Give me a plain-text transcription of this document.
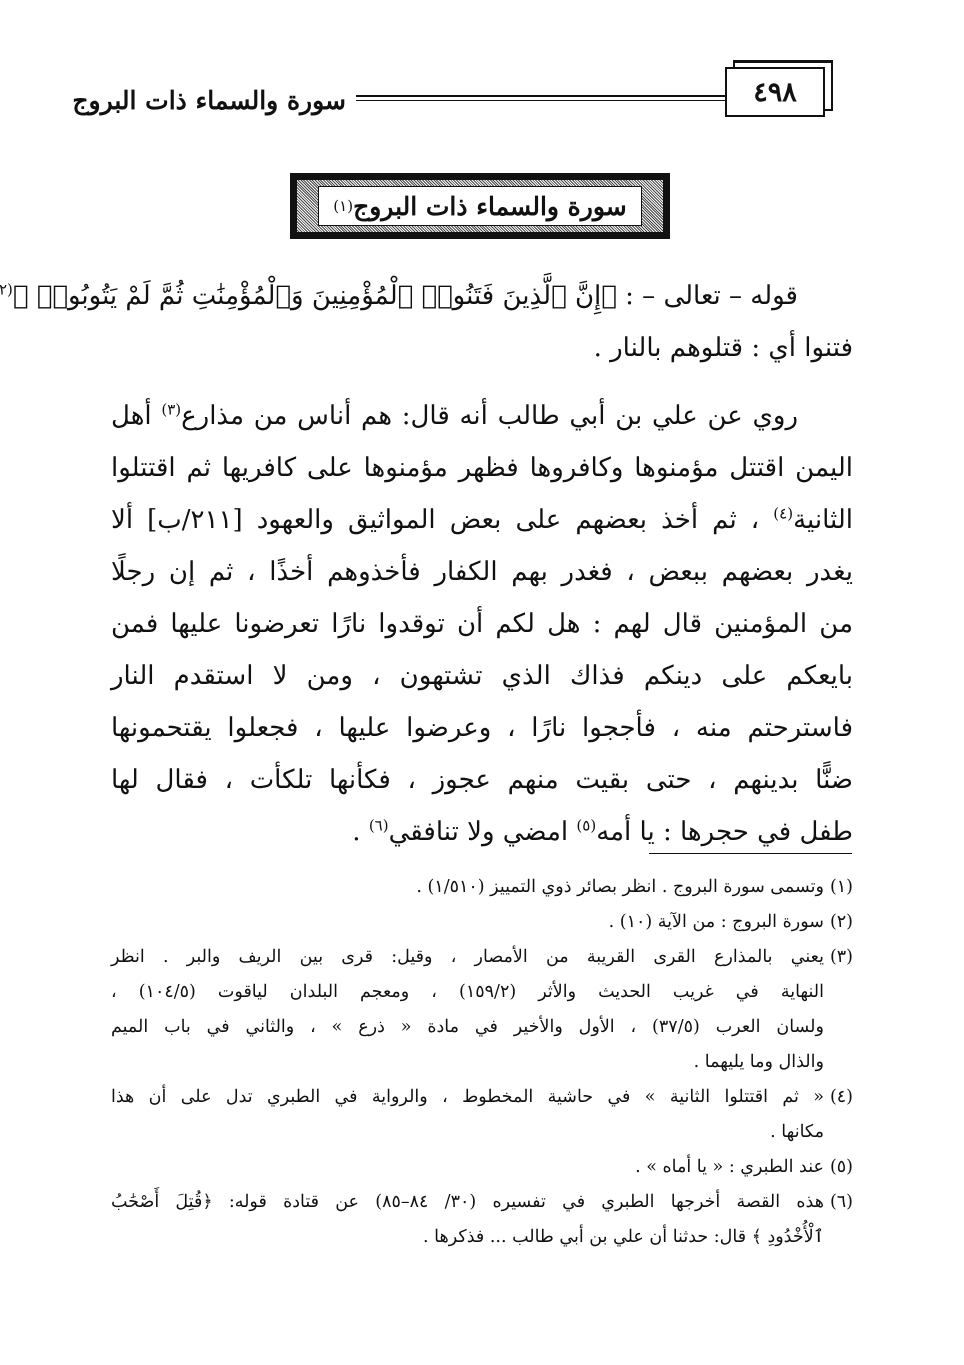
سورة والسماء ذات البروج	٤٩٨
سورة والسماء ذات البروج
(١)
قوله – تعالى – : ﴿إِنَّ ٱلَّذِينَ فَتَنُوا۟ ٱلْمُؤْمِنِينَ وَٱلْمُؤْمِنَٰتِ ثُمَّ لَمْ يَتُوبُوا۟ ﴾$^{(٢}$
فتنوا أي : قتلوهم بالنار .
روي عن علي بن أبي طالب أنه قال: هم أناس من مذارع$^{(٣)}$ أهل
اليمن اقتتل مؤمنوها وكافروها فظهر مؤمنوها على كافريها ثم اقتتلوا
الثانية$^{(٤)}$ ، ثم أخذ بعضهم على بعض المواثيق والعهود [٢١١/ب] ألا
يغدر بعضهم ببعض ، فغدر بهم الكفار فأخذوهم أخذًا ، ثم إن رجلًا
من المؤمنين قال لهم : هل لكم أن توقدوا نارًا تعرضونا عليها فمن
بايعكم على دينكم فذاك الذي تشتهون ، ومن لا استقدم النار
فاسترحتم منه ، فأججوا نارًا ، وعرضوا عليها ، فجعلوا يقتحمونها
ضنًّا بدينهم ، حتى بقيت منهم عجوز ، فكأنها تلكأت ، فقال لها
طفل في حجرها : يا أمه$^{(٥)}$ امضي ولا تنافقي$^{(٦)}$ .
(١)
وتسمى سورة البروج . انظر بصائر ذوي التمييز (١/٥١٠) .
(٢)
سورة البروج : من الآية (١٠) .
(٣)
يعني بالمذارع القرى القريبة من الأمصار ، وقيل: قرى بين الريف والبر . انظر
النهاية في غريب الحديث والأثر (١٥٩/٢) ، ومعجم البلدان لياقوت (١٠٤/٥) ،
ولسان العرب (٣٧/٥) ، الأول والأخير في مادة « ذرع » ، والثاني في باب الميم
والذال وما يليهما .
(٤)
« ثم اقتتلوا الثانية » في حاشية المخطوط ، والرواية في الطبري تدل على أن هذا
مكانها .
(٥)
عند الطبري : « يا أماه » .
(٦)
هذه القصة أخرجها الطبري في تفسيره (٣٠/ ٨٤–٨٥) عن قتادة قوله: ﴿قُتِلَ أَصْحَٰبُ
ٱلْأُخْدُودِ ﴾ قال: حدثنا أن علي بن أبي طالب ... فذكرها .
